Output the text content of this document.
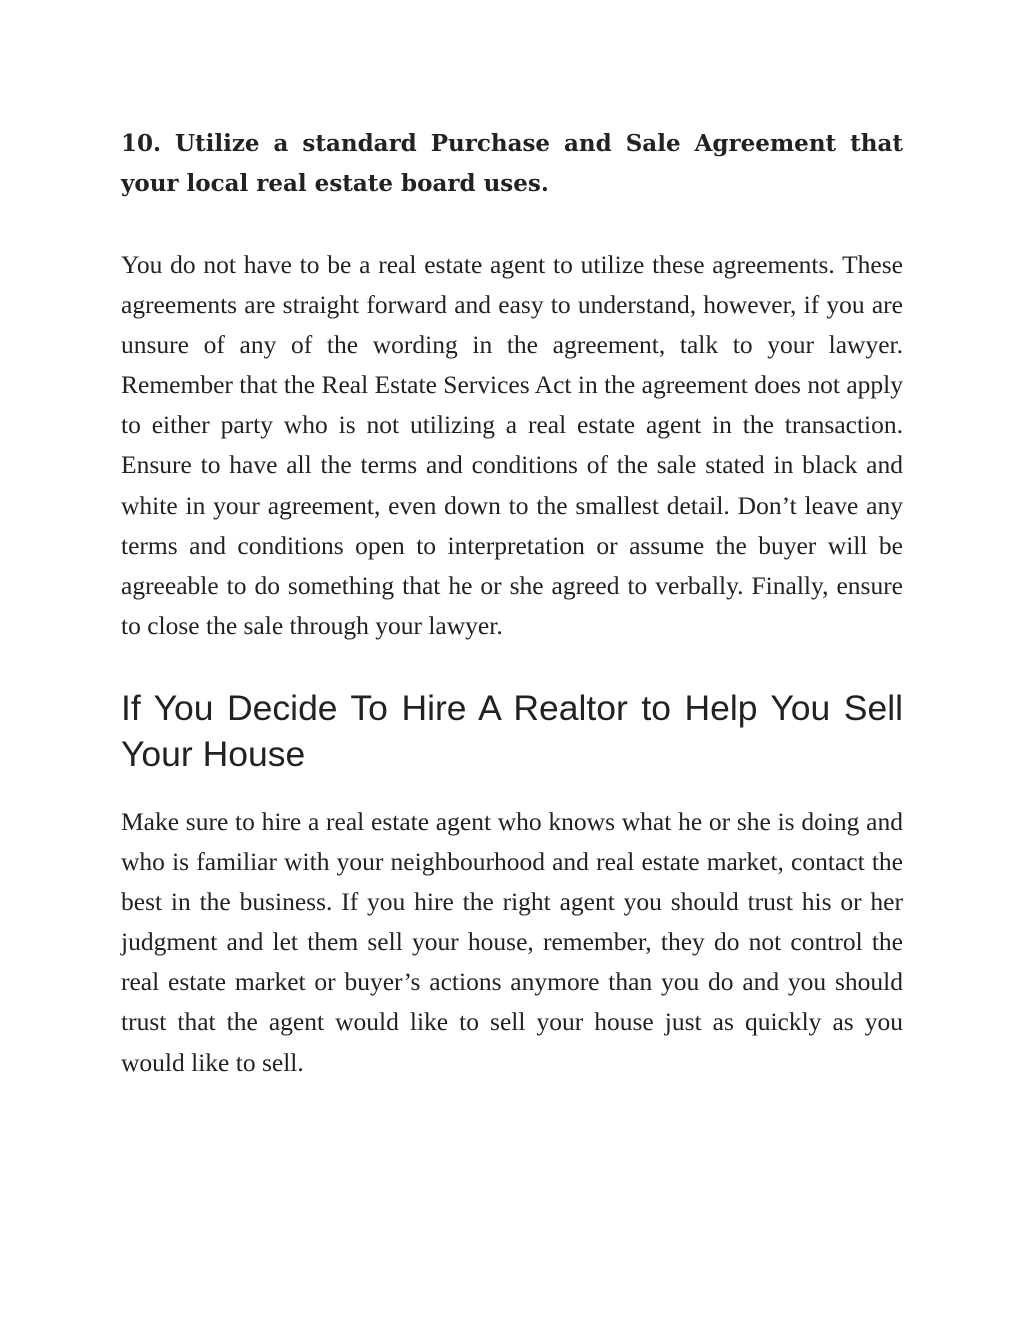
10. Utilize a standard Purchase and Sale Agreement that your local real estate board uses.

You do not have to be a real estate agent to utilize these agreements. These agreements are straight forward and easy to understand, however, if you are unsure of any of the wording in the agreement, talk to your lawyer. Remember that the Real Estate Services Act in the agreement does not apply to either party who is not utilizing a real estate agent in the transaction. Ensure to have all the terms and conditions of the sale stated in black and white in your agreement, even down to the smallest detail. Don’t leave any terms and conditions open to interpretation or assume the buyer will be agreeable to do something that he or she agreed to verbally. Finally, ensure to close the sale through your lawyer.

If You Decide To Hire A Realtor to Help You Sell Your House

Make sure to hire a real estate agent who knows what he or she is doing and who is familiar with your neighbourhood and real estate market, contact the best in the business. If you hire the right agent you should trust his or her judgment and let them sell your house, remember, they do not control the real estate market or buyer’s actions anymore than you do and you should trust that the agent would like to sell your house just as quickly as you would like to sell.
